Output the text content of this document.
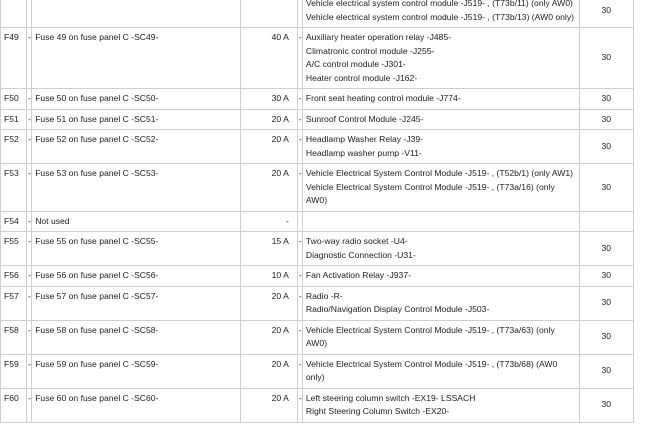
					Vehicle electrical system control module -J519- , (T73b/11) (only AW0)
Vehicle electrical system control module -J519- , (T73b/13) (AW0 only)	30
F49	-	Fuse 49 on fuse panel C -SC49-	40 A	-	Auxiliary heater operation relay -J485-
Climatronic control module -J255-
A/C control module -J301-
Heater control module -J162-	30
F50	-	Fuse 50 on fuse panel C -SC50-	30 A	-	Front seat heating control module -J774-	30
F51	-	Fuse 51 on fuse panel C -SC51-	20 A	-	Sunroof Control Module -J245-	30
F52	-	Fuse 52 on fuse panel C -SC52-	20 A	-	Headlamp Washer Relay -J39-
Headlamp washer pump -V11-	30
F53	-	Fuse 53 on fuse panel C -SC53-	20 A	-	Vehicle Electrical System Control Module -J519- , (T52b/1) (only AW1)
Vehicle Electrical System Control Module -J519- , (T73a/16) (only AW0)	30
F54	-	Not used	-			
F55	-	Fuse 55 on fuse panel C -SC55-	15 A	-	Two-way radio socket -U4-
Diagnostic Connection -U31-	30
F56	-	Fuse 56 on fuse panel C -SC56-	10 A	-	Fan Activation Relay -J937-	30
F57	-	Fuse 57 on fuse panel C -SC57-	20 A	-	Radio -R-
Radio/Navigation Display Control Module -J503-	30
F58	-	Fuse 58 on fuse panel C -SC58-	20 A	-	Vehicle Electrical System Control Module -J519- , (T73a/63) (only AW0)	30
F59	-	Fuse 59 on fuse panel C -SC59-	20 A	-	Vehicle Electrical System Control Module -J519- , (T73b/68) (AW0 only)	30
F60	-	Fuse 60 on fuse panel C -SC60-	20 A	-	Left steering column switch -EX19- LSSACH
Right Steering Column Switch -EX20-	30
